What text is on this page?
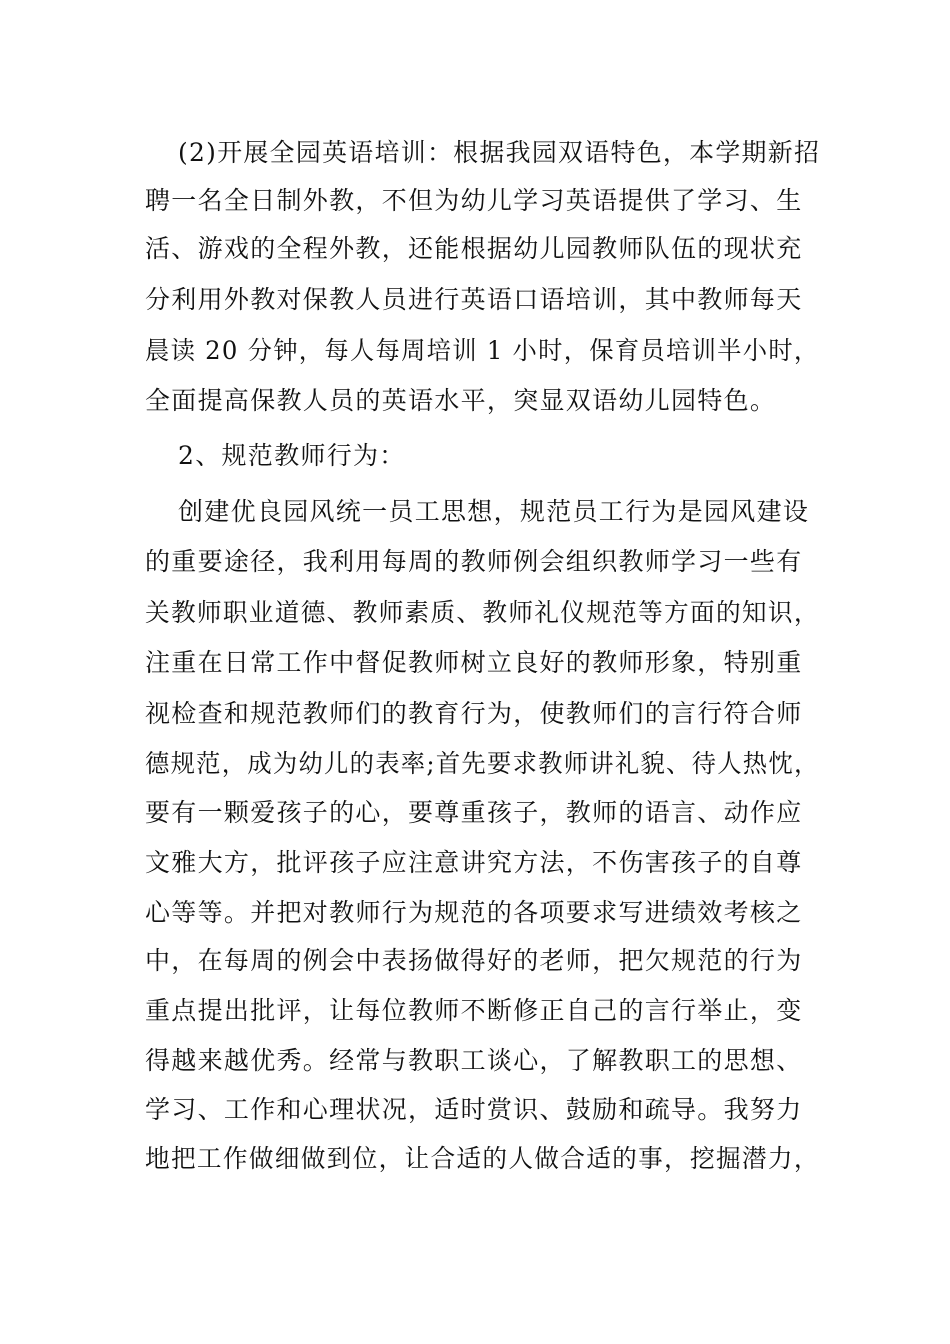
(2)开展全园英语培训：根据我园双语特色，本学期新招

聘一名全日制外教，不但为幼儿学习英语提供了学习、生

活、游戏的全程外教，还能根据幼儿园教师队伍的现状充

分利用外教对保教人员进行英语口语培训，其中教师每天

晨读 20 分钟，每人每周培训 1 小时，保育员培训半小时，

全面提高保教人员的英语水平，突显双语幼儿园特色。

2、规范教师行为：

创建优良园风统一员工思想，规范员工行为是园风建设

的重要途径，我利用每周的教师例会组织教师学习一些有

关教师职业道德、教师素质、教师礼仪规范等方面的知识，

注重在日常工作中督促教师树立良好的教师形象，特别重

视检查和规范教师们的教育行为，使教师们的言行符合师

德规范，成为幼儿的表率;首先要求教师讲礼貌、待人热忱，

要有一颗爱孩子的心，要尊重孩子，教师的语言、动作应

文雅大方，批评孩子应注意讲究方法，不伤害孩子的自尊

心等等。并把对教师行为规范的各项要求写进绩效考核之

中，在每周的例会中表扬做得好的老师，把欠规范的行为

重点提出批评，让每位教师不断修正自己的言行举止，变

得越来越优秀。经常与教职工谈心，了解教职工的思想、

学习、工作和心理状况，适时赏识、鼓励和疏导。我努力

地把工作做细做到位，让合适的人做合适的事，挖掘潜力，
